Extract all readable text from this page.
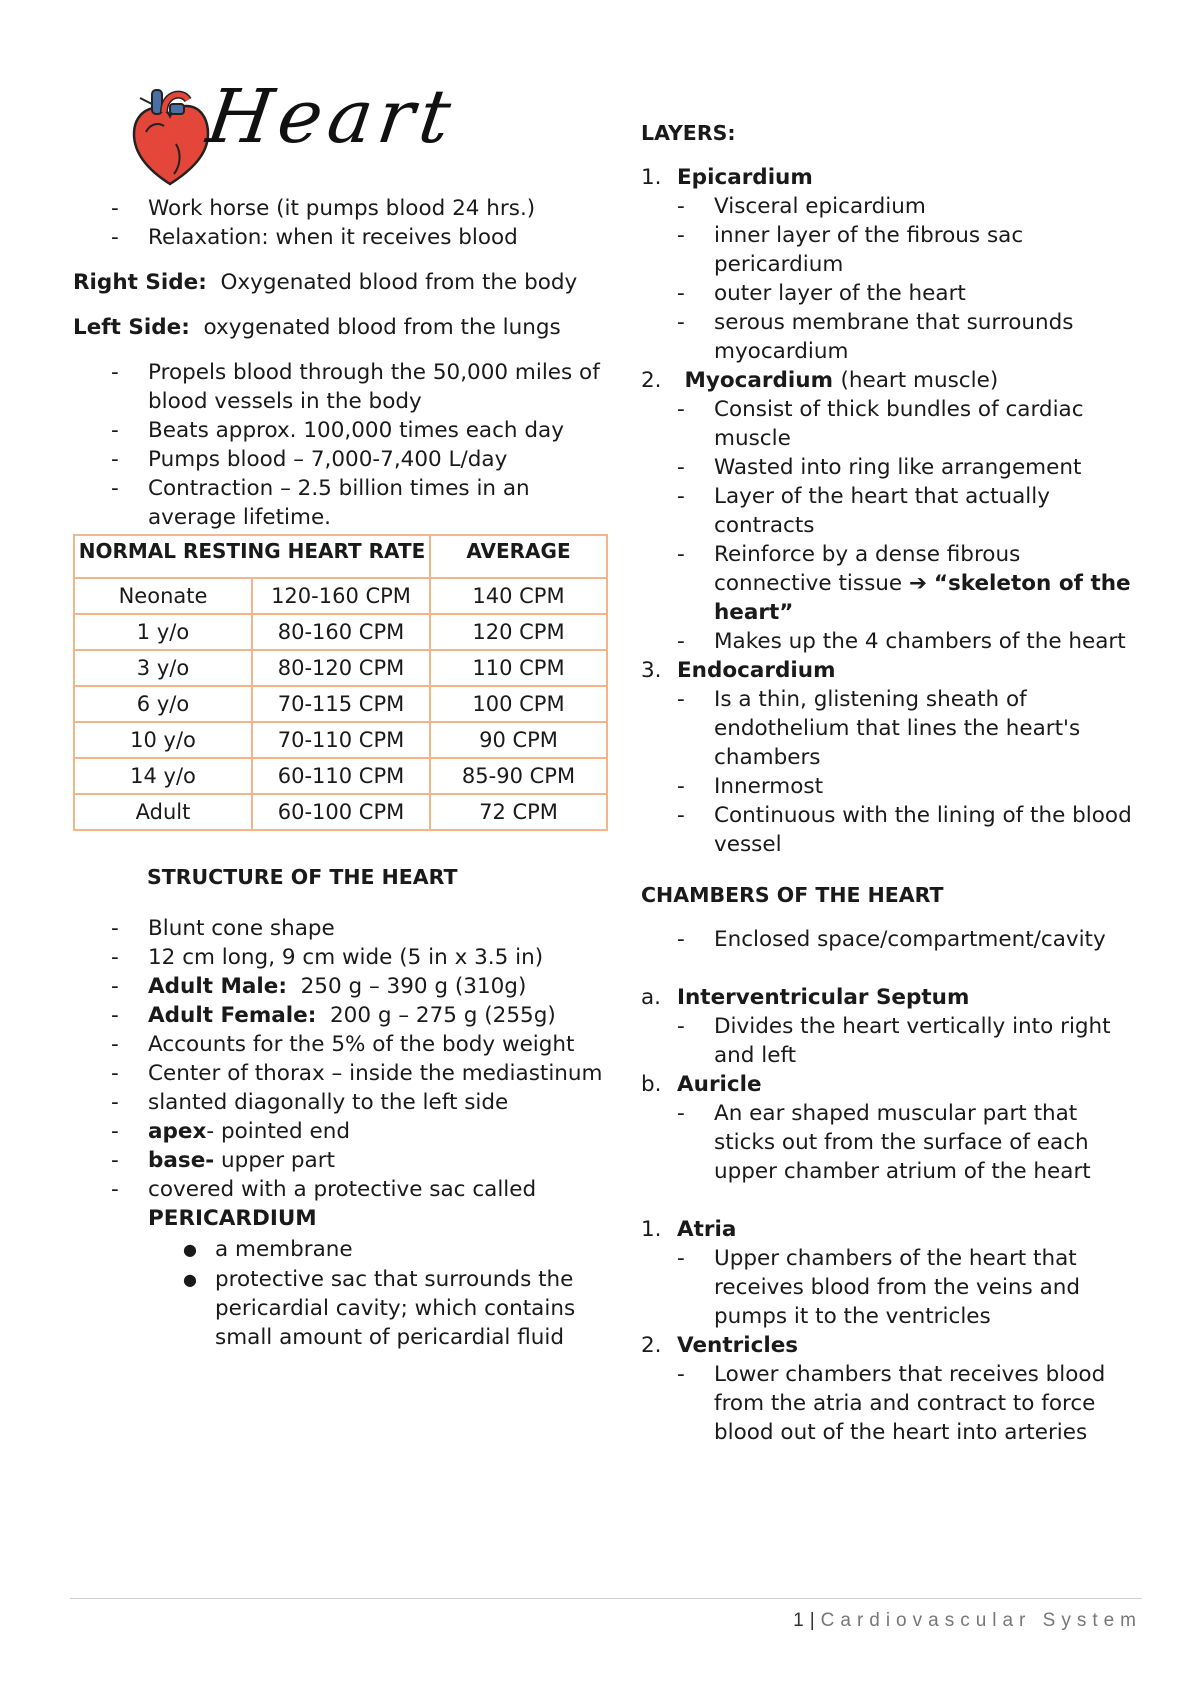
Heart
-	Work horse (it pumps blood 24 hrs.)
-	Relaxation: when it receives blood

Right Side: Oxygenated blood from the body

Left Side: oxygenated blood from the lungs

-	Propels blood through the 50,000 miles of blood vessels in the body
-	Beats approx. 100,000 times each day
-	Pumps blood – 7,000-7,400 L/day
-	Contraction – 2.5 billion times in an average lifetime.
NORMAL RESTING HEART RATE		AVERAGE
Neonate	120-160 CPM	140 CPM
1 y/o	80-160 CPM	120 CPM
3 y/o	80-120 CPM	110 CPM
6 y/o	70-115 CPM	100 CPM
10 y/o	70-110 CPM	90 CPM
14 y/o	60-110 CPM	85-90 CPM
Adult	60-100 CPM	72 CPM
STRUCTURE OF THE HEART
-	Blunt cone shape
-	12 cm long, 9 cm wide (5 in x 3.5 in)
-	Adult Male: 250 g – 390 g (310g)
-	Adult Female: 200 g – 275 g (255g)
-	Accounts for the 5% of the body weight
-	Center of thorax – inside the mediastinum
-	slanted diagonally to the left side
-	apex- pointed end
-	base- upper part
-	covered with a protective sac called
PERICARDIUM
● a membrane
● protective sac that surrounds the pericardial cavity; which contains small amount of pericardial fluid
LAYERS:
1. Epicardium
-	Visceral epicardium
-	inner layer of the fibrous sac pericardium
-	outer layer of the heart
-	serous membrane that surrounds myocardium
2.	Myocardium (heart muscle)
-	Consist of thick bundles of cardiac muscle
-	Wasted into ring like arrangement
-	Layer of the heart that actually contracts
-	Reinforce by a dense fibrous connective tissue ➔ “skeleton of the heart”
-	Makes up the 4 chambers of the heart
3. Endocardium
-	Is a thin, glistening sheath of endothelium that lines the heart's chambers
-	Innermost
-	Continuous with the lining of the blood vessel
CHAMBERS OF THE HEART
-	Enclosed space/compartment/cavity
a. Interventricular Septum
-	Divides the heart vertically into right and left
b. Auricle
-	An ear shaped muscular part that sticks out from the surface of each upper chamber atrium of the heart
1. Atria
-	Upper chambers of the heart that receives blood from the veins and pumps it to the ventricles
2. Ventricles
-	Lower chambers that receives blood from the atria and contract to force blood out of the heart into arteries
1 | Cardiovascular System
